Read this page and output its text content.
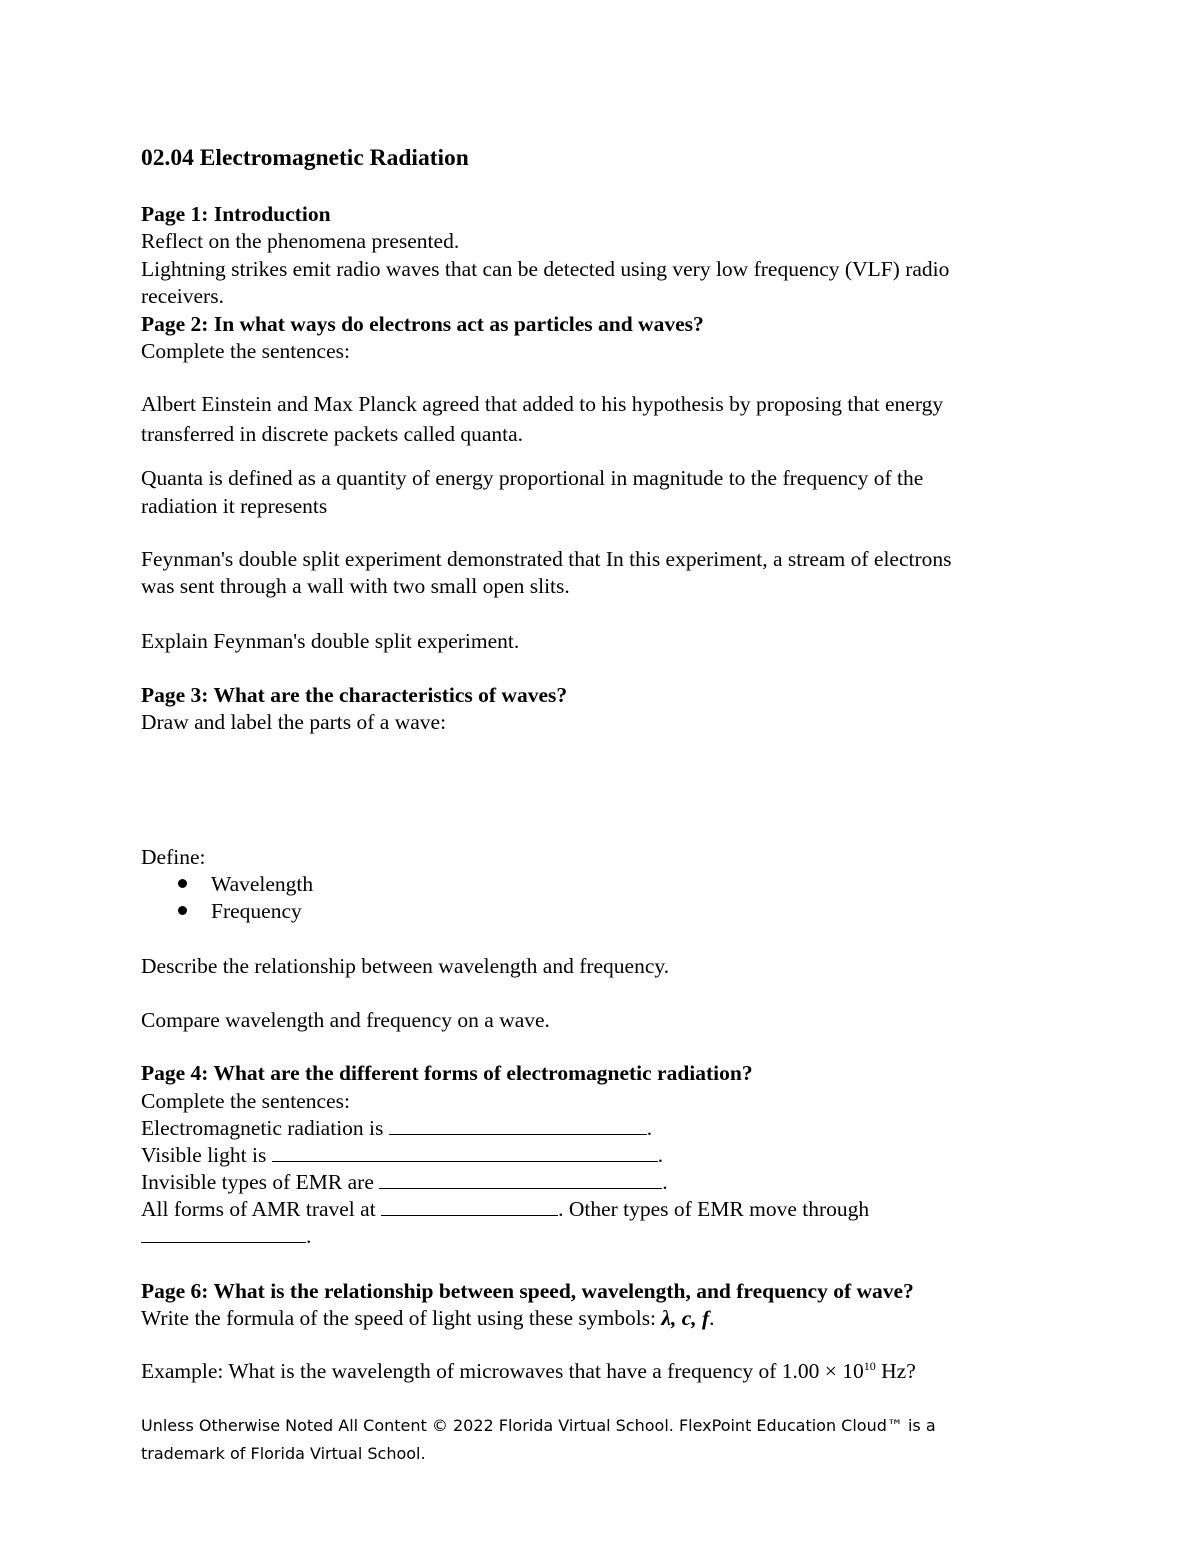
02.04 Electromagnetic Radiation
Page 1: Introduction
Reflect on the phenomena presented.
Lightning strikes emit radio waves that can be detected using very low frequency (VLF) radio
receivers.
Page 2: In what ways do electrons act as particles and waves?
Complete the sentences:
Albert Einstein and Max Planck agreed that added to his hypothesis by proposing that energy
transferred in discrete packets called quanta.
Quanta is defined as a quantity of energy proportional in magnitude to the frequency of the
radiation it represents
Feynman's double split experiment demonstrated that In this experiment, a stream of electrons
was sent through a wall with two small open slits.
Explain Feynman's double split experiment.
Page 3: What are the characteristics of waves?
Draw and label the parts of a wave:
Define:
Wavelength
Frequency
Describe the relationship between wavelength and frequency.
Compare wavelength and frequency on a wave.
Page 4: What are the different forms of electromagnetic radiation?
Complete the sentences:
Electromagnetic radiation is	.
Visible light is	.
Invisible types of EMR are	.
All forms of AMR travel at	. Other types of EMR move through
.
Page 6: What is the relationship between speed, wavelength, and frequency of wave?
Write the formula of the speed of light using these symbols: λ, c, f.
Example: What is the wavelength of microwaves that have a frequency of $1.00 \times 10^{10}$ Hz?
Unless Otherwise Noted All Content © 2022 Florida Virtual School. FlexPoint Education Cloud™ is a
trademark of Florida Virtual School.
